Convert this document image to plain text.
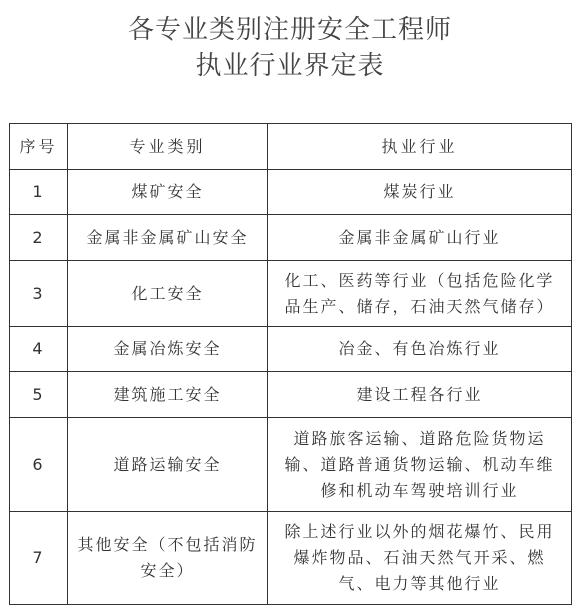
各专业类别注册安全工程师
执业行业界定表
序号	专业类别	执业行业
1	煤矿安全	煤炭行业
2	金属非金属矿山安全	金属非金属矿山行业
3	化工安全	化工、医药等行业（包括危险化学品生产、储存，石油天然气储存）
4	金属冶炼安全	冶金、有色冶炼行业
5	建筑施工安全	建设工程各行业
6	道路运输安全	道路旅客运输、道路危险货物运输、道路普通货物运输、机动车维修和机动车驾驶培训行业
7	其他安全（不包括消防安全）	除上述行业以外的烟花爆竹、民用爆炸物品、石油天然气开采、燃气、电力等其他行业
